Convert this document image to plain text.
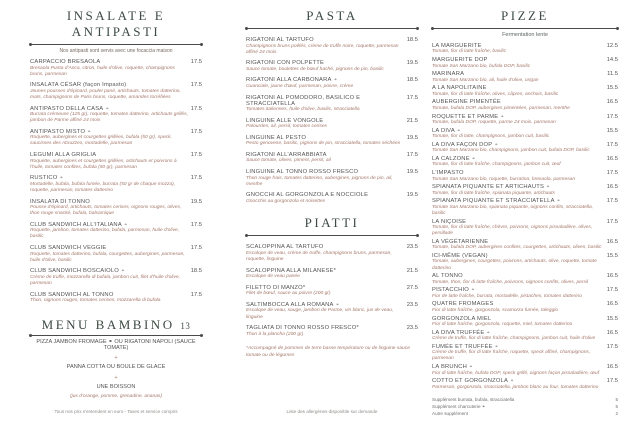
INSALATE E ANTIPASTI
Nos antipasti sont servis avec une focaccia maison
CARPACCIO BRESAOLA	17.5
Bresaola Punta d'Anca, citron, huile d'olive, roquette, champignons bruns, parmesan
INSALATA CÉSAR (façon Impasto)	17.5
Jeunes pousses d'épinard, poulet pané, artichauts, tomates datterino, maïs, champignons de Paris bruns, roquette, amandes torréfiées
ANTIPASTO DELLA CASA ⚭	17.5
Burrata crémeuse (125 gr), roquette, tomates datterino, artichauts grillés, jambon de Parme affiné 24 mois
ANTIPASTO MISTO ⚭	17.5
Roquette, aubergines et courgettes grillées, bufala (50 gr), speck, saucisses des Abruzzes, mortadelle, parmesan
LEGUMI ALLA GRIGLIA	17.5
Roquette, aubergines et courgettes grillées, artichauts et poivrons à l'huile, tomates confites, bufala (50 gr), parmesan
RUSTICO ⚭	17.5
Mortadelle, bufala, bufala fumée, burrata (50 gr de chaque mozza), roquette, parmesan, tomates datterino
INSALATA DI TONNO	19.5
Pousse d'épinard, artichauts, tomates cerises, oignons rouges, olives, thon rouge snacké, bufala, balsamique
CLUB SANDWICH ALL'ITALIANA ⚭	17.5
Roquette, jambon, tomates datterino, bufala, parmesan, huile d'olive, basilic
CLUB SANDWICH VEGGIE	17.5
Roquette, tomates datterino, bufala, courgettes, aubergines, parmesan, huile d'olive, basilic
CLUB SANDWICH BOSCAIOLO ⚭	18.5
Crème de truffe, mozzarella di bufala, jambon cuit, filet d'huile d'olive, parmesan
CLUB SANDWICH AL TONNO	17.5
Thon, oignons rouges, tomates cerises, mozzarella di bufala
MENU BAMBINO 13
PIZZA JAMBON FROMAGE ⚭ OU RIGATONI NAPOLI (SAUCE TOMATE)
+
PANNA COTTA OU BOULE DE GLACE
+
UNE BOISSON
(jus d'orange, pomme, grenadine, ananas)
Tous nos prix s'entendent en euro - Taxes et service compris
PASTA
RIGATONI AL TARTUFO	18.5
Champignons bruns poêlés, crème de truffe noire, roquette, parmesan affiné 24 mois
RIGATONI CON POLPETTE	19.5
Sauce tomate, boulettes de bœuf haché, pignons de pin, basilic
RIGATONI ALLA CARBONARA ⚭	18.5
Guanciale, jaune d'œuf, parmesan, poivre, crème
RIGATONI AL POMODORO, BASILICO E STRACCIATELLA
17.5
Tomates italiennes, huile d'olive, basilic, stracciatella
LINGUINE ALLE VONGOLE	21.5
Palourdes, ail, persil, tomates cerises
LINGUINE AL PESTO	19.5
Pesto genovese, basilic, pignons de pin, stracciatella, tomates séchées
RIGATONI ALL'ARRABBIATA	17.5
Sauce tomate, olives, piment, persil, ail
LINGUINE AL TONNO ROSSO FRESCO	19.5
Thon rouge frais, tomates datterino, aubergines, pignons de pin, ail, menthe
GNOCCHI AL GORGONZOLA E NOCCIOLE	19.5
Gnocchis au gorgonzola et noisettes
PIATTI
SCALOPPINA AL TARTUFO	23.5
Escalope de veau, crème de truffe, champignons bruns, parmesan, roquette, linguine
SCALOPPINA ALLA MILANESE*	21.5
Escalope de veau panée
FILETTO DI MANZO*	27.5
Filet de bœuf, sauce au poivre (200 gr)
SALTIMBOCCA ALLA ROMANA ⚭	23.5
Escalope de veau, sauge, jambon de Parme, vin blanc, jus de veau, linguine
TAGLIATA DI TONNO ROSSO FRESCO*	23.5
Thon à la plancha (200 gr)
*Accompagné de pommes de terre basse température ou de linguine sauce tomate ou de légumes
Liste des allergènes disponible sur demande
PIZZE
Fermentation lente
LA MARGUERITE	12.5
Tomate, fior di latte fraîche, basilic
MARGUERITE DOP	14.5
Tomate San Marzano bio, bufala DOP, basilic
MARINARA	11.5
Tomate San Marzano bio, ail, huile d'olive, origan
A LA NAPOLITAINE	15.5
Tomate, fior di latte fraîche, olives, câpres, anchois, basilic
AUBERGINE PIMENTÉE	16.5
Tomate, bufala DOP, aubergines pimentées, parmesan, menthe
ROQUETTE ET PARME ⚭	17.5
Tomate, bufala DOP, roquette, parme 24 mois, parmesan
LA DIVA ⚭	15.5
Tomate, fior di latte, champignons, jambon cuit, basilic
LA DIVA FAÇON DOP ⚭	17.5
Tomate San Marzano bio, champignons, jambon cuit, bufala DOP, basilic
LA CALZONE ⚭	16.5
Tomate, fior di latte fraîche, champignons, jambon cuit, œuf
L'IMPASTO	17.5
Tomate San Marzano bio, roquette, burratina, bresaola, parmesan
SPIANATA PIQUANTE ET ARTICHAUTS ⚭	16.5
Tomate, fior di latte fraîche, spianata piquante, artichauts
SPIANATA PIQUANTE ET STRACCIATELLA ⚭	17.5
Tomate San Marzano bio, spianata piquante, oignons confits, stracciatella, basilic
LA NIÇOISE	17.5
Tomate, fior di latte fraîche, chèvre, poivrons, oignons pissaladière, olives, persillade
LA VÉGÉTARIENNE	16.5
Tomate, bufala DOP, aubergines confites, courgettes, artichauts, olives, basilic
ICI-MÊME (VEGAN)	15.5
Tomate, aubergines, courgettes, poivrons, artichauts, olive, roquette, tomate datterino
AL TONNO	16.5
Tomate, thon, fior di latte fraîche, poivrons, oignons confits, olives, persil
PISTACCHIO ⚭	17.5
Fior de latte fraîche, burrata, mortadelle, pistaches, tomates datterino
QUATRE FROMAGES	16.5
Fior di latte fraîche, gorgonzola, scamorza fumée, taleggio
GORGONZOLA MIEL	15.5
Fior di latte fraîche, gorgonzola, roquette, miel, tomates datterino
LA DIVA TRUFFÉE ⚭	16.5
Crème de truffe, fior di latte fraîche, champignons, jambon cuit, huile d'olive
FUMÉE ET TRUFFÉE ⚭	17.5
Crème de truffe, fior di latte fraîche, roquette, speck affiné, champignons, parmesan
LA BRUNCH ⚭	16.5
Fior di latte fraîche, bufala DOP, speck grillé, oignons façon pissaladière, œuf
COTTO ET GORGONZOLA ⚭	17.5
Parmesan, gorgonzola, stracciatella, jambon blanc au four, tomates datterino
Supplément burrata, bufala, stracciatella	5
Supplément charcuterie ⚭	5
Autre supplément	2
